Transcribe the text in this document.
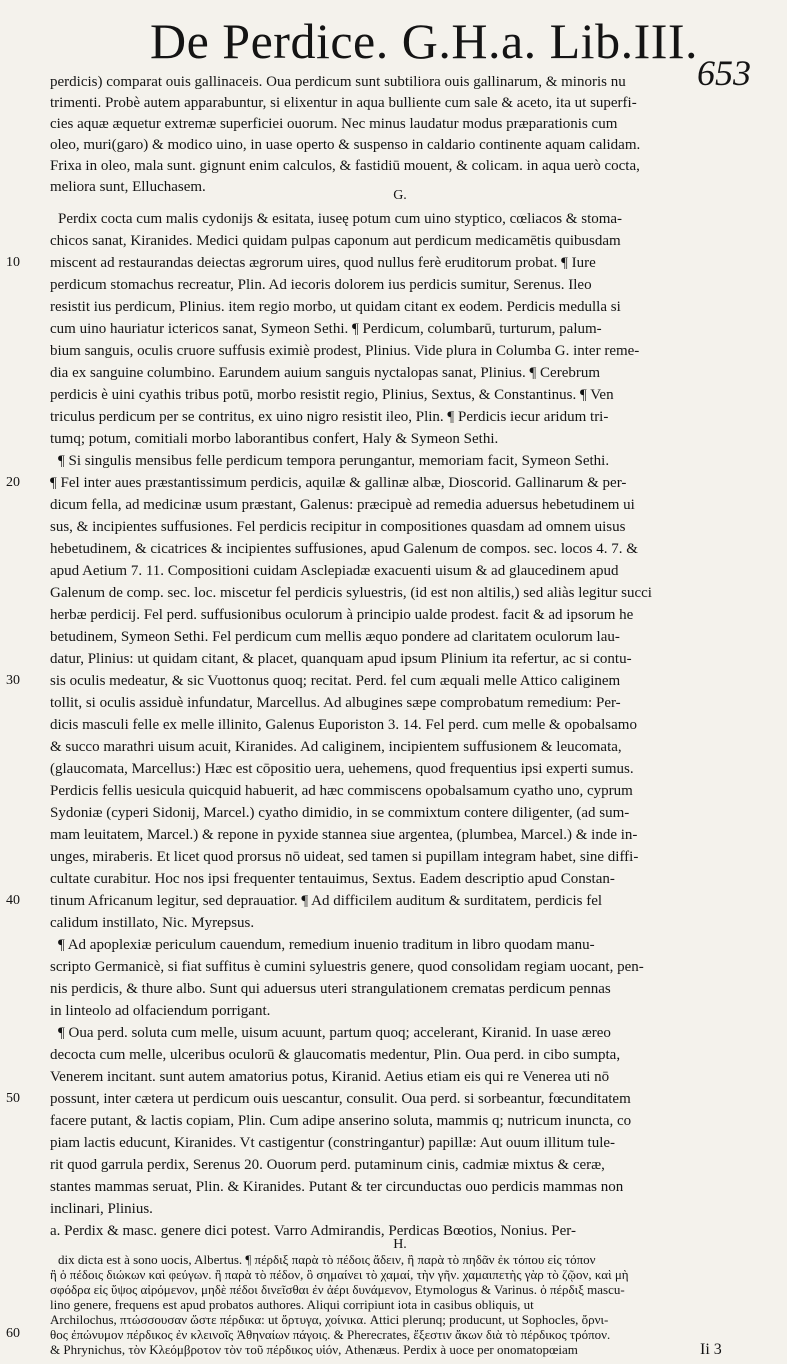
De Perdice. G.H.a. Lib.III.
653
perdicis) comparat ouis gallinaceis. Oua perdicum sunt subtiliora ouis gallinarum, & minoris nu
trimenti. Probè autem apparabuntur, si elixentur in aqua bulliente cum sale & aceto, ita ut superfi-
cies aquæ æquetur extremæ superficiei ouorum. Nec minus laudatur modus præparationis cum
oleo, muri(garo) & modico uino, in uase operto & suspenso in caldario continente aquam calidam.
Frixa in oleo, mala sunt. gignunt enim calculos, & fastidiū mouent, & colicam. in aqua uerò cocta,
meliora sunt, Elluchasem.
G.
Perdix cocta cum malis cydonijs & esitata, iuseę potum cum uino styptico, cœliacos & stoma-
chicos sanat, Kiranides. Medici quidam pulpas caponum aut perdicum medicamētis quibusdam
miscent ad restaurandas deiectas ægrorum uires, quod nullus ferè eruditorum probat. ¶ Iure
perdicum stomachus recreatur, Plin. Ad iecoris dolorem ius perdicis sumitur, Serenus. Ileo
resistit ius perdicum, Plinius. item regio morbo, ut quidam citant ex eodem. Perdicis medulla si
cum uino hauriatur ictericos sanat, Symeon Sethi. ¶ Perdicum, columbarū, turturum, palum-
bium sanguis, oculis cruore suffusis eximiè prodest, Plinius. Vide plura in Columba G. inter reme-
dia ex sanguine columbino. Earundem auium sanguis nyctalopas sanat, Plinius. ¶ Cerebrum
perdicis è uini cyathis tribus potū, morbo resistit regio, Plinius, Sextus, & Constantinus. ¶ Ven
triculus perdicum per se contritus, ex uino nigro resistit ileo, Plin. ¶ Perdicis iecur aridum tri-
tumq; potum, comitiali morbo laborantibus confert, Haly & Symeon Sethi.
¶ Si singulis mensibus felle perdicum tempora perungantur, memoriam facit, Symeon Sethi.
¶ Fel inter aues præstantissimum perdicis, aquilæ & gallinæ albæ, Dioscorid. Gallinarum & per-
dicum fella, ad medicinæ usum præstant, Galenus: præcipuè ad remedia aduersus hebetudinem ui
sus, & incipientes suffusiones. Fel perdicis recipitur in compositiones quasdam ad omnem uisus
hebetudinem, & cicatrices & incipientes suffusiones, apud Galenum de compos. sec. locos 4. 7. &
apud Aetium 7. 11. Compositioni cuidam Asclepiadæ exacuenti uisum & ad glaucedinem apud
Galenum de comp. sec. loc. miscetur fel perdicis syluestris, (id est non altilis,) sed aliàs legitur succi
herbæ perdicij. Fel perd. suffusionibus oculorum à principio ualde prodest. facit & ad ipsorum he
betudinem, Symeon Sethi. Fel perdicum cum mellis æquo pondere ad claritatem oculorum lau-
datur, Plinius: ut quidam citant, & placet, quanquam apud ipsum Plinium ita refertur, ac si contu-
sis oculis medeatur, & sic Vuottonus quoq; recitat. Perd. fel cum æquali melle Attico caliginem
tollit, si oculis assiduè infundatur, Marcellus. Ad albugines sæpe comprobatum remedium: Per-
dicis masculi felle ex melle illinito, Galenus Euporiston 3. 14. Fel perd. cum melle & opobalsamo
& succo marathri uisum acuit, Kiranides. Ad caliginem, incipientem suffusionem & leucomata,
(glaucomata, Marcellus:) Hæc est cōpositio uera, uehemens, quod frequentius ipsi experti sumus.
Perdicis fellis uesicula quicquid habuerit, ad hæc commiscens opobalsamum cyatho uno, cyprum
Sydoniæ (cyperi Sidonij, Marcel.) cyatho dimidio, in se commixtum contere diligenter, (ad sum-
mam leuitatem, Marcel.) & repone in pyxide stannea siue argentea, (plumbea, Marcel.) & inde in-
unges, miraberis. Et licet quod prorsus nō uideat, sed tamen si pupillam integram habet, sine diffi-
cultate curabitur. Hoc nos ipsi frequenter tentauimus, Sextus. Eadem descriptio apud Constan-
tinum Africanum legitur, sed deprauatior. ¶ Ad difficilem auditum & surditatem, perdicis fel
calidum instillato, Nic. Myrepsus.
¶ Ad apoplexiæ periculum cauendum, remedium inuenio traditum in libro quodam manu-
scripto Germanicè, si fiat suffitus è cumini syluestris genere, quod consolidam regiam uocant, pen-
nis perdicis, & thure albo. Sunt qui aduersus uteri strangulationem crematas perdicum pennas
in linteolo ad olfaciendum porrigant.
¶ Oua perd. soluta cum melle, uisum acuunt, partum quoq; accelerant, Kiranid. In uase æreo
decocta cum melle, ulceribus oculorū & glaucomatis medentur, Plin. Oua perd. in cibo sumpta,
Venerem incitant. sunt autem amatorius potus, Kiranid. Aetius etiam eis qui re Venerea uti nō
possunt, inter cætera ut perdicum ouis uescantur, consulit. Oua perd. si sorbeantur, fœcunditatem
facere putant, & lactis copiam, Plin. Cum adipe anserino soluta, mammis q; nutricum inuncta, co
piam lactis educunt, Kiranides. Vt castigentur (constringantur) papillæ: Aut ouum illitum tule-
rit quod garrula perdix, Serenus 20. Ouorum perd. putaminum cinis, cadmiæ mixtus & ceræ,
stantes mammas seruat, Plin. & Kiranides. Putant & ter circunductas ouo perdicis mammas non
inclinari, Plinius.
a. Perdix & masc. genere dici potest. Varro Admirandis, Perdicas Bœotios, Nonius. Per-
H.
dix dicta est à sono uocis, Albertus. ¶ πέρδιξ παρὰ τὸ πέδοις ἄδειν, ἢ παρὰ τὸ πηδᾶν ἐκ τόπου εἰς τόπον
ἢ ὁ πέδοις διώκων καὶ φεύγων. ἢ παρὰ τὸ πέδον, ὃ σημαίνει τὸ χαμαί, τὴν γῆν. χαμαιπετὴς γὰρ τὸ ζῷον, καὶ μὴ
σφόδρα εἰς ὕψος αἰρόμενον, μηδὲ πέδοι δινεῖσθαι ἐν ἀέρι δυνάμενον, Etymologus & Varinus. ὁ πέρδιξ mascu-
lino genere, frequens est apud probatos authores. Aliqui corripiunt iota in casibus obliquis, ut
Archilochus, πτώσσουσαν ὥστε πέρδικα: ut ὄρτυγα, χοίνικα. Attici plerunq; producunt, ut Sophocles, ὄρνι-
θος ἐπώνυμον πέρδικος ἐν κλεινοῖς Ἀθηναίων πάγοις. & Pherecrates, ἔξεστιν ἄκων διὰ τὸ πέρδικος τρόπον.
& Phrynichus, τὸν Κλεόμβροτον τὸν τοῦ πέρδικος υἱόν, Athenæus. Perdix à uoce per onomatopœiam
10
20
30
40
50
60
Ii 3
